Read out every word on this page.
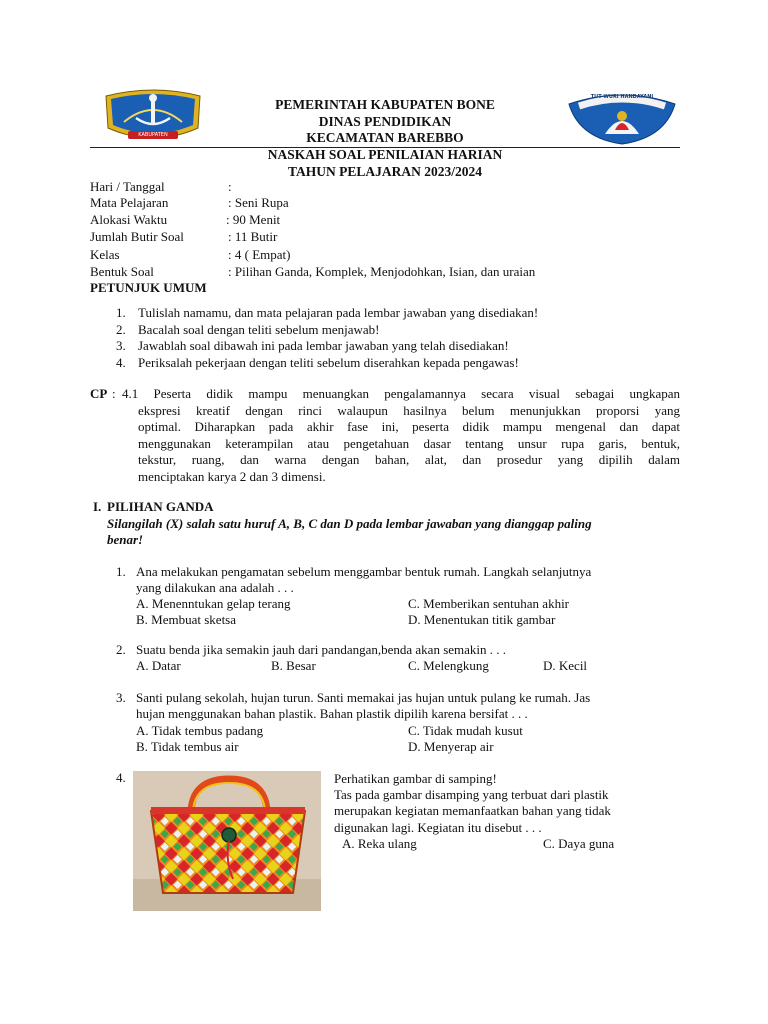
KABUPATEN BONE
TUT WURI HANDAYANI
PEMERINTAH KABUPATEN BONE
DINAS PENDIDIKAN
KECAMATAN BAREBBO
NASKAH SOAL PENILAIAN HARIAN
TAHUN PELAJARAN 2023/2024
Hari / Tanggal	:
Mata Pelajaran	: Seni Rupa
Alokasi Waktu	: 90 Menit
Jumlah Butir Soal	: 11 Butir
Kelas	: 4 ( Empat)
Bentuk Soal	: Pilihan Ganda, Komplek, Menjodohkan, Isian, dan uraian
PETUNJUK UMUM
1. Tulislah namamu, dan mata pelajaran pada lembar jawaban yang disediakan!
2. Bacalah soal dengan teliti sebelum menjawab!
3. Jawablah soal dibawah ini pada lembar jawaban yang telah disediakan!
4. Periksalah pekerjaan dengan teliti sebelum diserahkan kepada pengawas!
CP : 4.1 Peserta didik mampu menuangkan pengalamannya secara visual sebagai ungkapan
ekspresi kreatif dengan rinci walaupun hasilnya belum menunjukkan proporsi yang
optimal. Diharapkan pada akhir fase ini, peserta didik mampu mengenal dan dapat
menggunakan keterampilan atau pengetahuan dasar tentang unsur rupa garis, bentuk,
tekstur, ruang, dan warna dengan bahan, alat, dan prosedur yang dipilih dalam
menciptakan karya 2 dan 3 dimensi.
I. PILIHAN GANDA
Silangilah (X) salah satu huruf A, B, C dan D pada lembar jawaban yang dianggap paling
benar!
1. Ana melakukan pengamatan sebelum menggambar bentuk rumah. Langkah selanjutnya
yang dilakukan ana adalah . . .
A. Menenntukan gelap terang
B. Membuat sketsa
C. Memberikan sentuhan akhir
D. Menentukan titik gambar
2. Suatu benda jika semakin jauh dari pandangan,benda akan semakin . . .
A. Datar	B. Besar	C. Melengkung	D. Kecil
3. Santi pulang sekolah, hujan turun. Santi memakai jas hujan untuk pulang ke rumah. Jas
hujan menggunakan bahan plastik. Bahan plastik dipilih karena bersifat . . .
A. Tidak tembus padang
B. Tidak tembus air
C. Tidak mudah kusut
D. Menyerap air
4.	Perhatikan gambar di samping!
Tas pada gambar disamping yang terbuat dari plastik
merupakan kegiatan memanfaatkan bahan yang tidak
digunakan lagi. Kegiatan itu disebut . . .
A. Reka ulang	C. Daya guna
